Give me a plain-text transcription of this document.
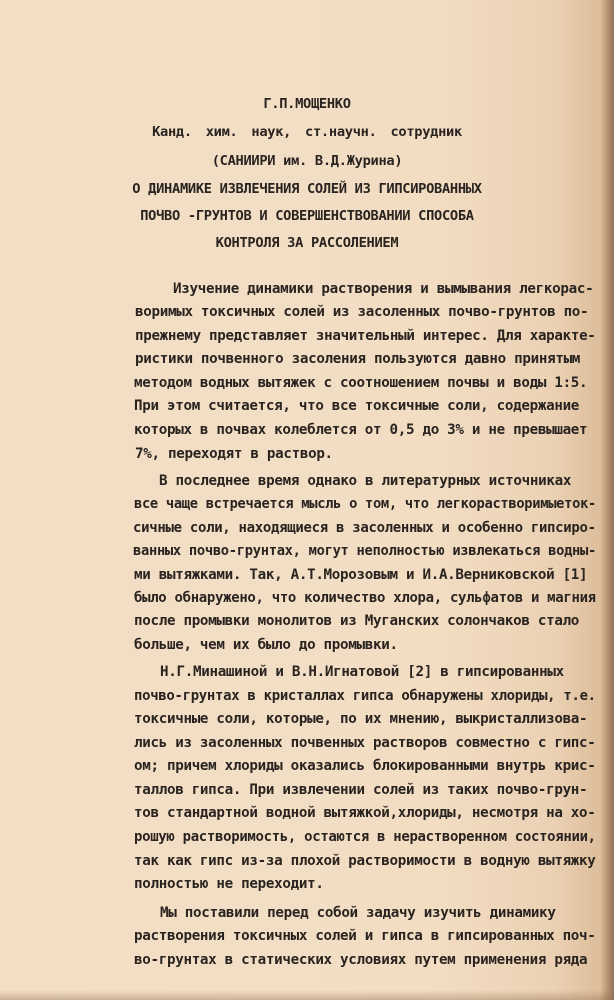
Г.П.МОЩЕНКО
Канд. хим. наук, ст.научн. сотрудник
(САНИИРИ им. В.Д.Журина)
О ДИНАМИКЕ ИЗВЛЕЧЕНИЯ СОЛЕЙ ИЗ ГИПСИРОВАННЫХ
ПОЧВО -ГРУНТОВ И СОВЕРШЕНСТВОВАНИИ СПОСОБА
КОНТРОЛЯ ЗА РАССОЛЕНИЕМ
Изучение динамики растворения и вымывания легкорас-
воримых токсичных солей из засоленных почво-грунтов по-
прежнему представляет значительный интерес. Для характе-
ристики почвенного засоления пользуются давно принятым
методом водных вытяжек с соотношением почвы и воды 1:5.
При этом считается, что все токсичные соли, содержание
которых в почвах колеблется от 0,5 до 3% и не превышает
7%, переходят в раствор.
В последнее время однако в литературных источниках
все чаще встречается мысль о том, что легкорастворимыеток-
сичные соли, находящиеся в засоленных и особенно гипсиро-
ванных почво-грунтах, могут неполностью извлекаться водны-
ми вытяжками. Так, А.Т.Морозовым и И.А.Верниковской [1]
было обнаружено, что количество хлора, сульфатов и магния
после промывки монолитов из Муганских солончаков стало
больше, чем их было до промывки.
Н.Г.Минашиной и В.Н.Игнатовой [2] в гипсированных
почво-грунтах в кристаллах гипса обнаружены хлориды, т.е.
токсичные соли, которые, по их мнению, выкристаллизова-
лись из засоленных почвенных растворов совместно с гипс-
ом; причем хлориды оказались блокированными внутрь крис-
таллов гипса. При извлечении солей из таких почво-грун-
тов стандартной водной вытяжкой,хлориды, несмотря на хо-
рошую растворимость, остаются в нерастворенном состоянии,
так как гипс из-за плохой растворимости в водную вытяжку
полностью не переходит.
Мы поставили перед собой задачу изучить динамику
растворения токсичных солей и гипса в гипсированных поч-
во-грунтах в статических условиях путем применения ряда
